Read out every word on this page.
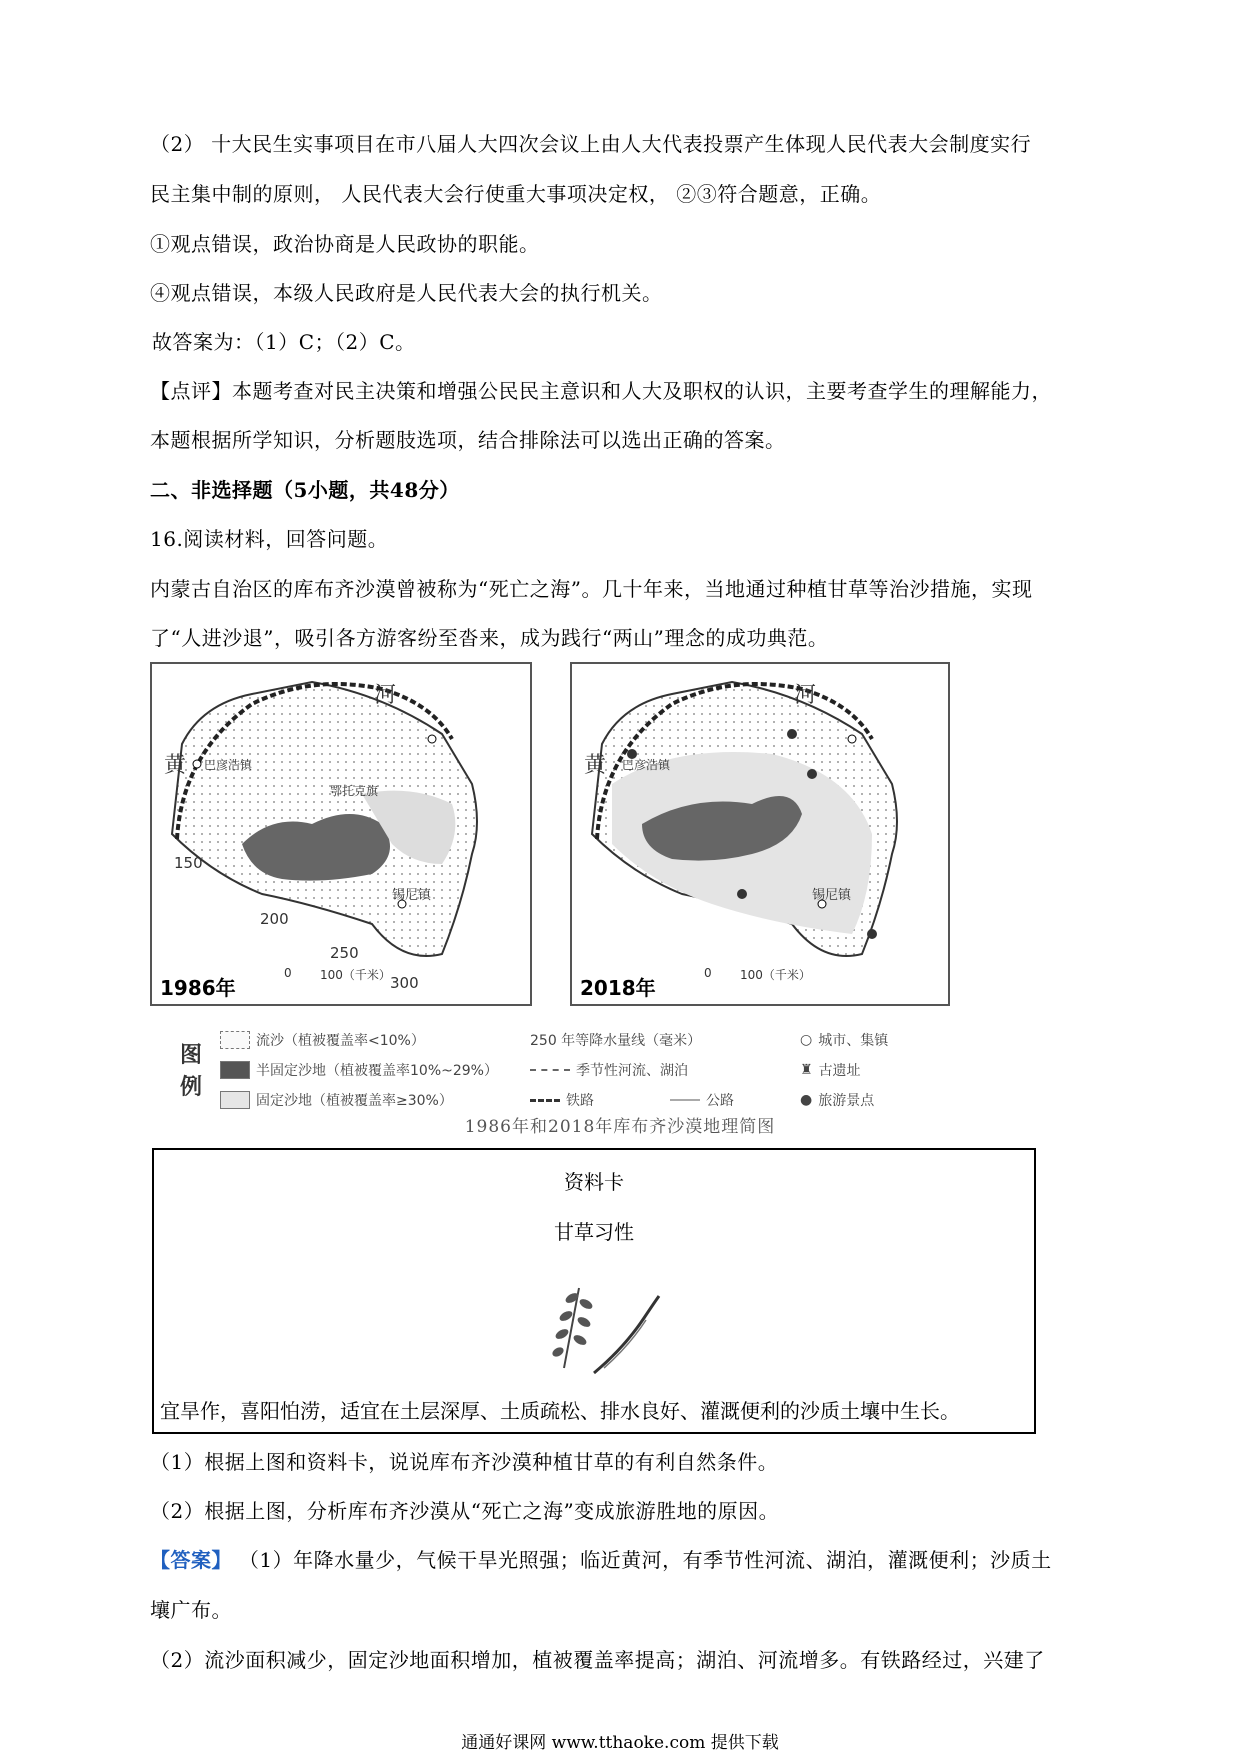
（2） 十大民生实事项目在市八届人大四次会议上由人大代表投票产生体现人民代表大会制度实行
民主集中制的原则， 人民代表大会行使重大事项决定权， ②③符合题意，正确。
①观点错误，政治协商是人民政协的职能。
④观点错误，本级人民政府是人民代表大会的执行机关。
故答案为：（1）C；（2）C。
【点评】本题考查对民主决策和增强公民民主意识和人大及职权的认识，主要考查学生的理解能力，
本题根据所学知识，分析题肢选项，结合排除法可以选出正确的答案。
二、非选择题（5小题，共48分）
16.阅读材料，回答问题。
内蒙古自治区的库布齐沙漠曾被称为“死亡之海”。几十年来，当地通过种植甘草等治沙措施，实现
了“人进沙退”，吸引各方游客纷至沓来，成为践行“两山”理念的成功典范。
黄
河
巴彦浩镇
锡尼镇
鄂托克旗
150
200
250
300
1986年
0 100（千米）
黄
河
巴彦浩镇
锡尼镇
2018年
0 100（千米）
图例
流沙（植被覆盖率<10%）
半固定沙地（植被覆盖率10%~29%）
固定沙地（植被覆盖率≥30%）
250 年等降水量线（毫米）
季节性河流、湖泊
铁路	公路
○ 城市、集镇
♜ 古遗址
● 旅游景点
1986年和2018年库布齐沙漠地理简图
资料卡
甘草习性
宜旱作，喜阳怕涝，适宜在土层深厚、土质疏松、排水良好、灌溉便利的沙质土壤中生长。
（1）根据上图和资料卡，说说库布齐沙漠种植甘草的有利自然条件。
（2）根据上图，分析库布齐沙漠从“死亡之海”变成旅游胜地的原因。
【答案】 （1）年降水量少，气候干旱光照强；临近黄河，有季节性河流、湖泊，灌溉便利；沙质土
壤广布。
（2）流沙面积减少，固定沙地面积增加，植被覆盖率提高；湖泊、河流增多。有铁路经过，兴建了
通通好课网 www.tthaoke.com 提供下载
